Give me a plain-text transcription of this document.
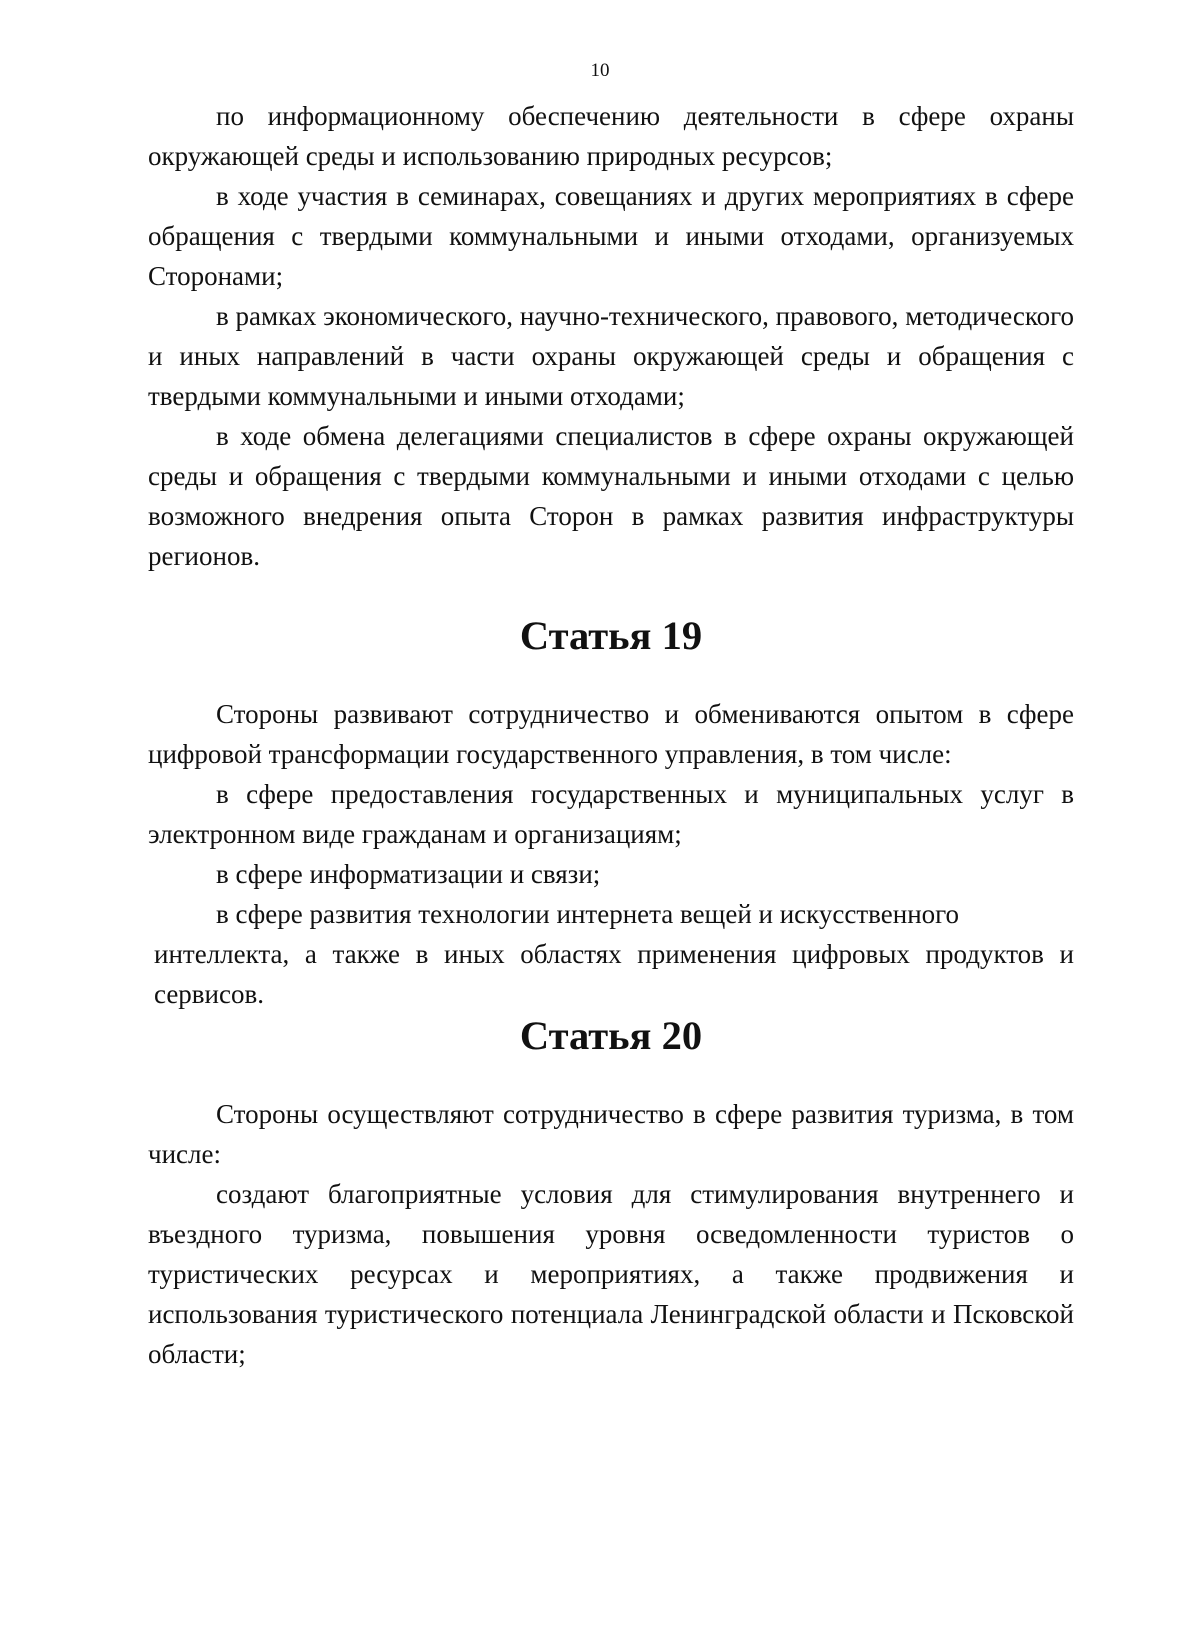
10

по информационному обеспечению деятельности в сфере охраны окружающей среды и использованию природных ресурсов;

в ходе участия в семинарах, совещаниях и других мероприятиях в сфере обращения с твердыми коммунальными и иными отходами, организуемых Сторонами;

в рамках экономического, научно-технического, правового, методического и иных направлений в части охраны окружающей среды и обращения с твердыми коммунальными и иными отходами;

в ходе обмена делегациями специалистов в сфере охраны окружающей среды и обращения с твердыми коммунальными и иными отходами с целью возможного внедрения опыта Сторон в рамках развития инфраструктуры регионов.

Статья 19

Стороны развивают сотрудничество и обмениваются опытом в сфере цифровой трансформации государственного управления, в том числе:

в сфере предоставления государственных и муниципальных услуг в электронном виде гражданам и организациям;

в сфере информатизации и связи;

в сфере развития технологии интернета вещей и искусственного

интеллекта, а также в иных областях применения цифровых продуктов и сервисов.

Статья 20

Стороны осуществляют сотрудничество в сфере развития туризма, в том числе:

создают благоприятные условия для стимулирования внутреннего и въездного туризма, повышения уровня осведомленности туристов о туристических ресурсах и мероприятиях, а также продвижения и использования туристического потенциала Ленинградской области и Псковской области;
